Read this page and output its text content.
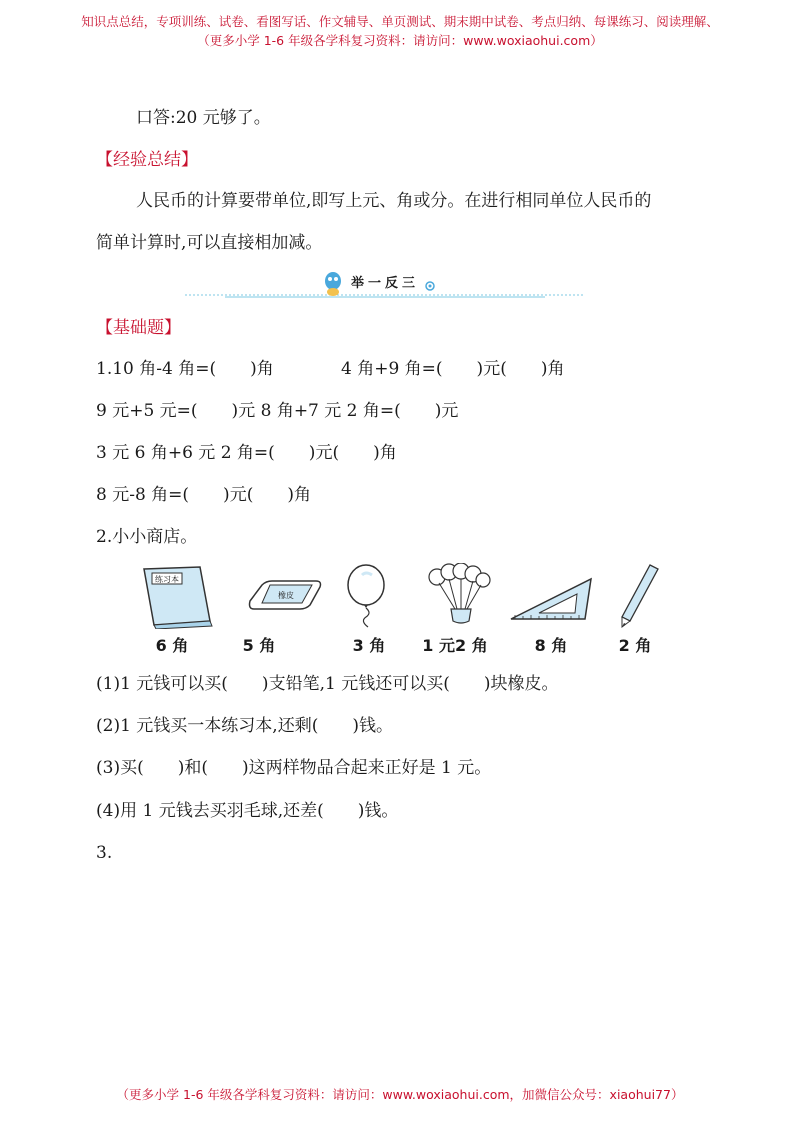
知识点总结，专项训练、试卷、看图写话、作文辅导、单页测试、期末期中试卷、考点归纳、每课练习、阅读理解、
（更多小学 1-6 年级各学科复习资料：请访问：www.woxiaohui.com）
口答:20 元够了。
【经验总结】
人民币的计算要带单位,即写上元、角或分。在进行相同单位人民币的
简单计算时,可以直接相加减。
举一反三
【基础题】
1.10 角-4 角=(　　)角	4 角+9 角=(　　)元(　　)角
9 元+5 元=(　　)元 8 角+7 元 2 角=(　　)元
3 元 6 角+6 元 2 角=(　　)元(　　)角
8 元-8 角=(　　)元(　　)角
2.小小商店。
练习本
橡皮
6 角	5 角	3 角	1 元2 角	8 角	2 角
(1)1 元钱可以买(　　)支铅笔,1 元钱还可以买(　　)块橡皮。
(2)1 元钱买一本练习本,还剩(　　)钱。
(3)买(　　)和(　　)这两样物品合起来正好是 1 元。
(4)用 1 元钱去买羽毛球,还差(　　)钱。
3.
（更多小学 1-6 年级各学科复习资料：请访问：www.woxiaohui.com，加微信公众号：xiaohui77）
